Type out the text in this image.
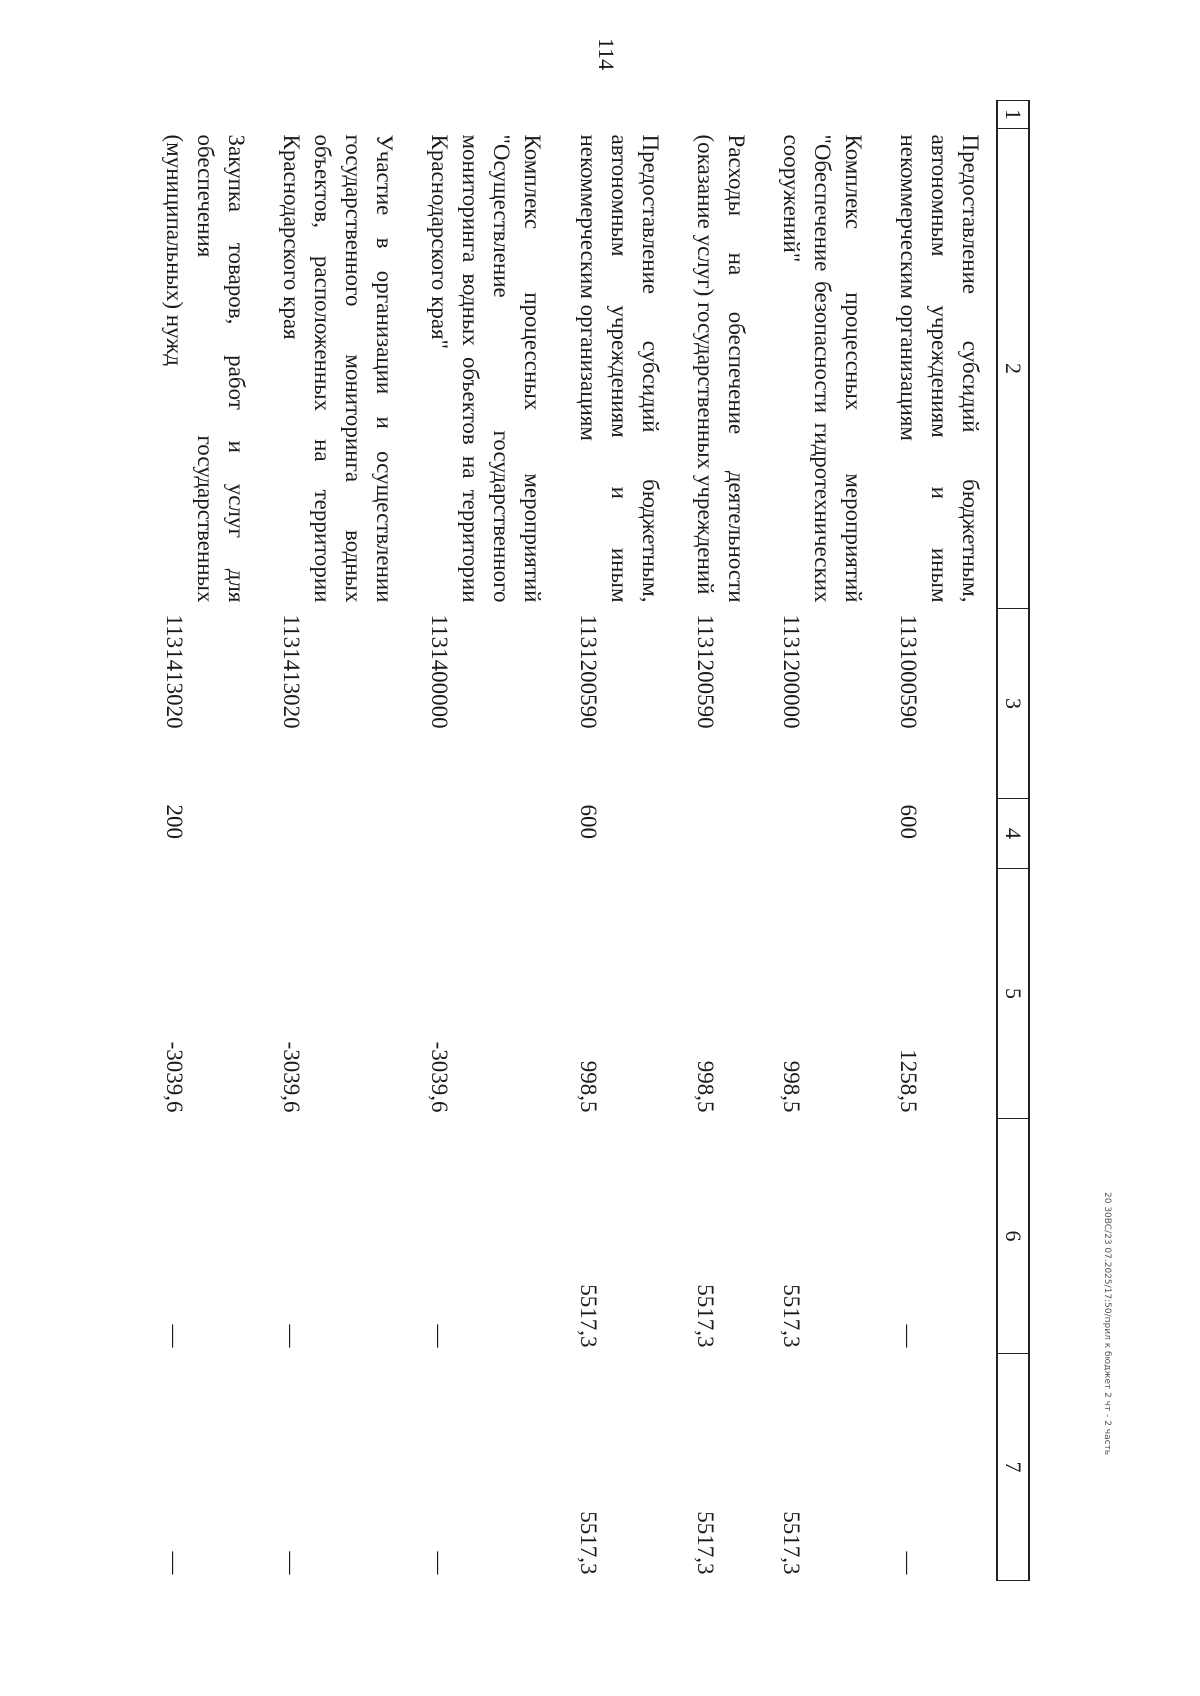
114
1	2	3	4	5	6	7
	Предоставление субсидий бюджетным, автономным учреждениям и иным некоммерческим организациям	1131000590	600	1258,5	—	—
	Комплекс процессных мероприятий "Обеспечение безопасности гидротехнических сооружений"	1131200000		998,5	5517,3	5517,3
	Расходы на обеспечение деятельности (оказание услуг) государственных учреждений	1131200590		998,5	5517,3	5517,3
	Предоставление субсидий бюджетным, автономным учреждениям и иным некоммерческим организациям	1131200590	600	998,5	5517,3	5517,3
	Комплекс процессных мероприятий "Осуществление государственного мониторинга водных объектов на территории Краснодарского края"	1131400000		-3039,6	—	—
	Участие в организации и осуществлении государственного мониторинга водных объектов, расположенных на территории Краснодарского края	1131413020		-3039,6	—	—
	Закупка товаров, работ и услуг для обеспечения государственных (муниципальных) нужд	1131413020	200	-3039,6	—	—
20 30BC/23 07.2025/17:50/прил к бюджет 2 чт - 2 часть
